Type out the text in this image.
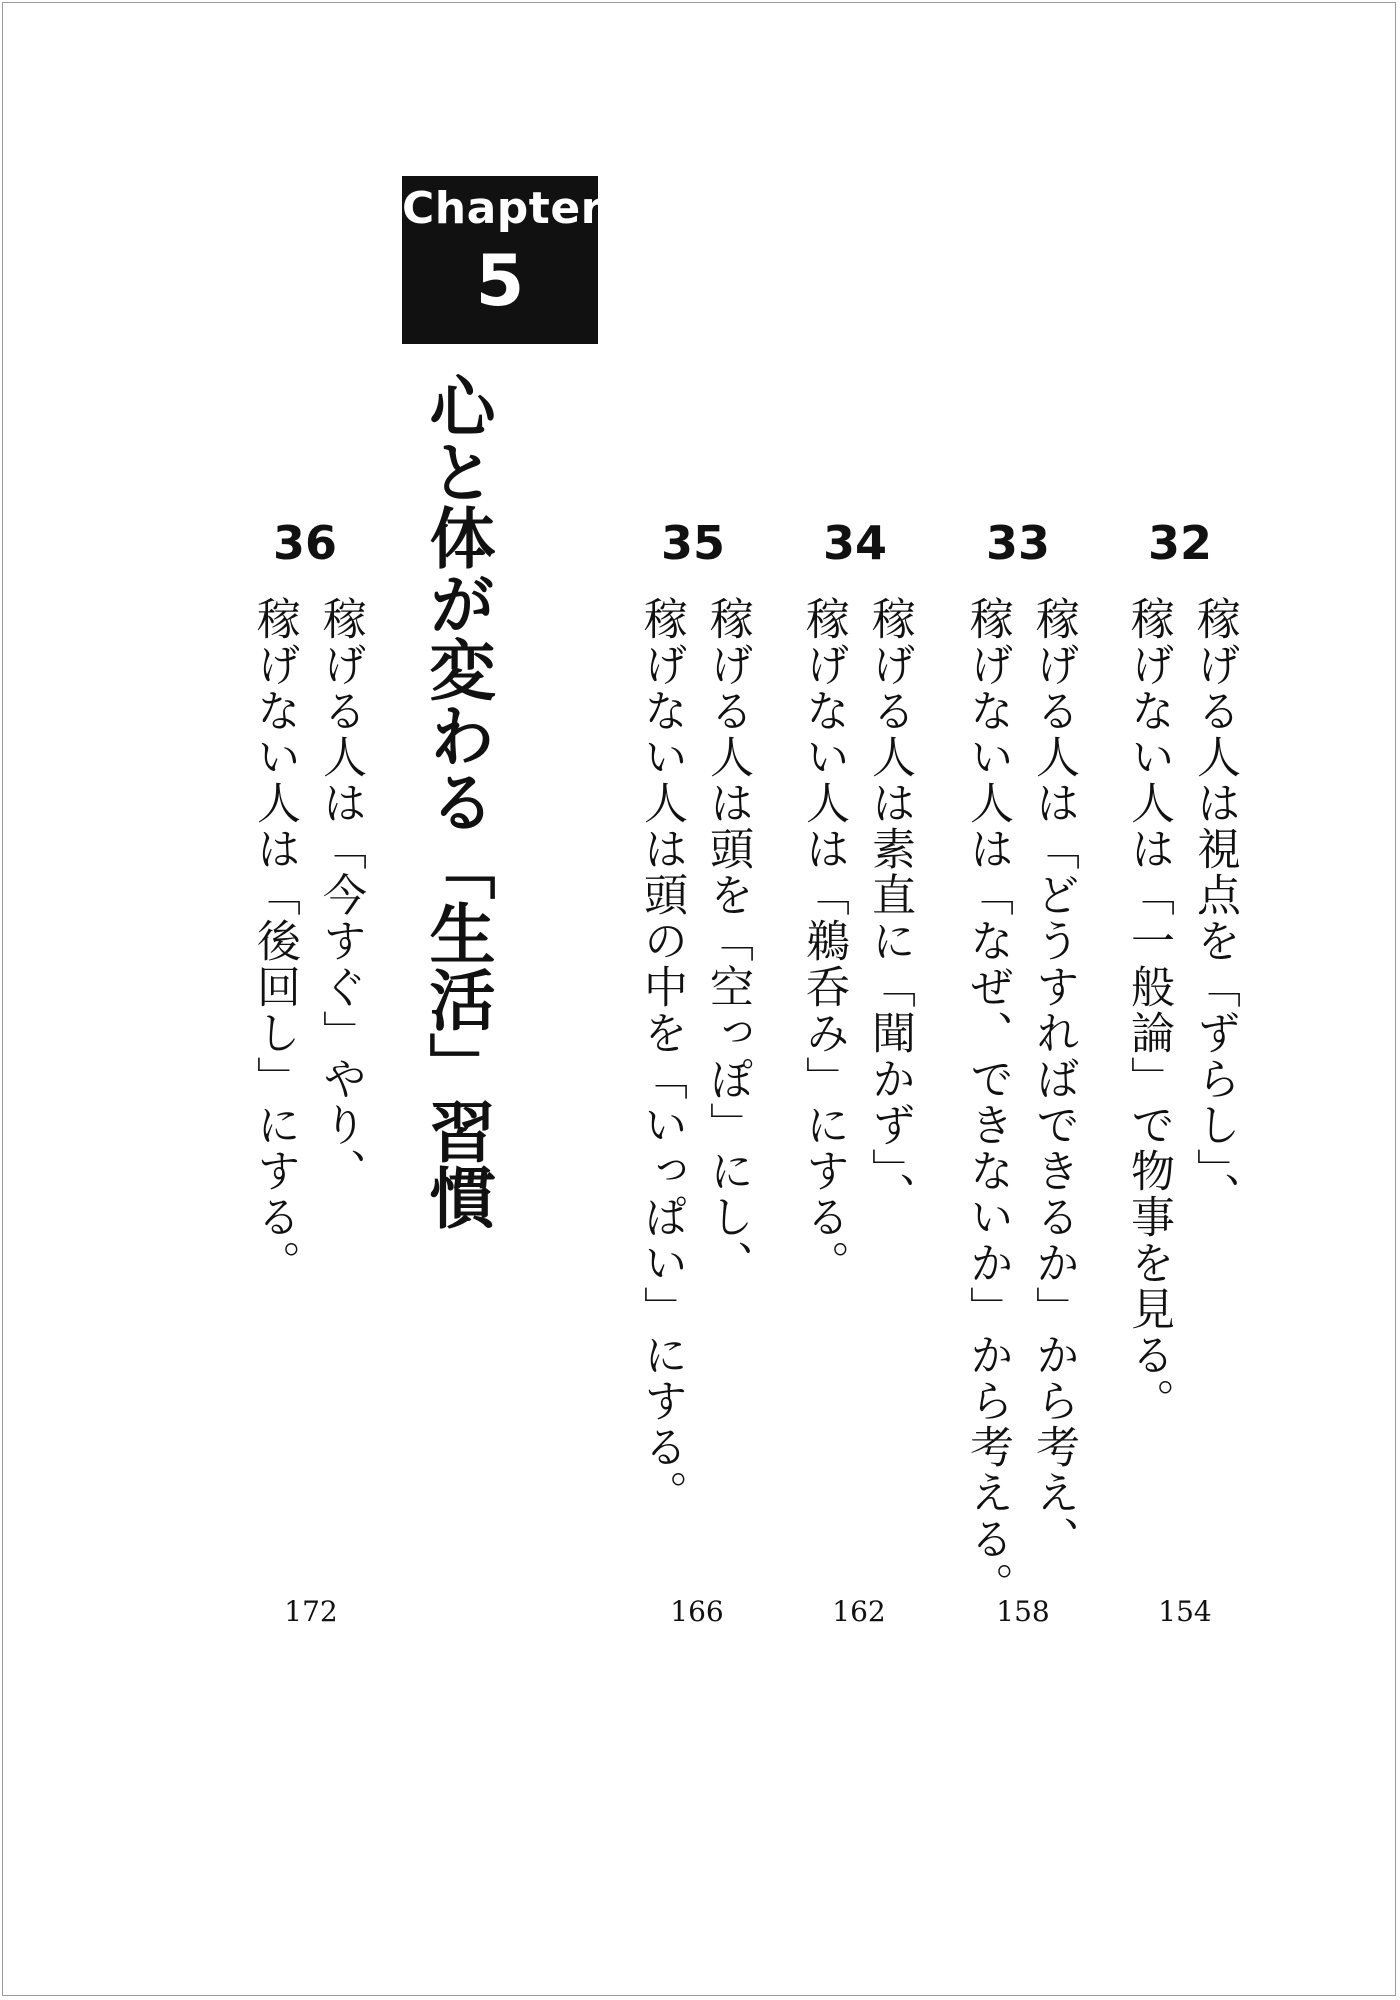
Chapter
5
心と体が変わる「生活」習慣	32
稼げる人は視点を「ずらし」、
稼げない人は「一般論」で物事を見る。
154
33
稼げる人は「どうすればできるか」から考え、
稼げない人は「なぜ、できないか」から考える。
158
34
稼げる人は素直に「聞かず」、
稼げない人は「鵜呑み」にする。
162
35
稼げる人は頭を「空っぽ」にし、
稼げない人は頭の中を「いっぱい」にする。
166
36
稼げる人は「今すぐ」やり、
稼げない人は「後回し」にする。
172
